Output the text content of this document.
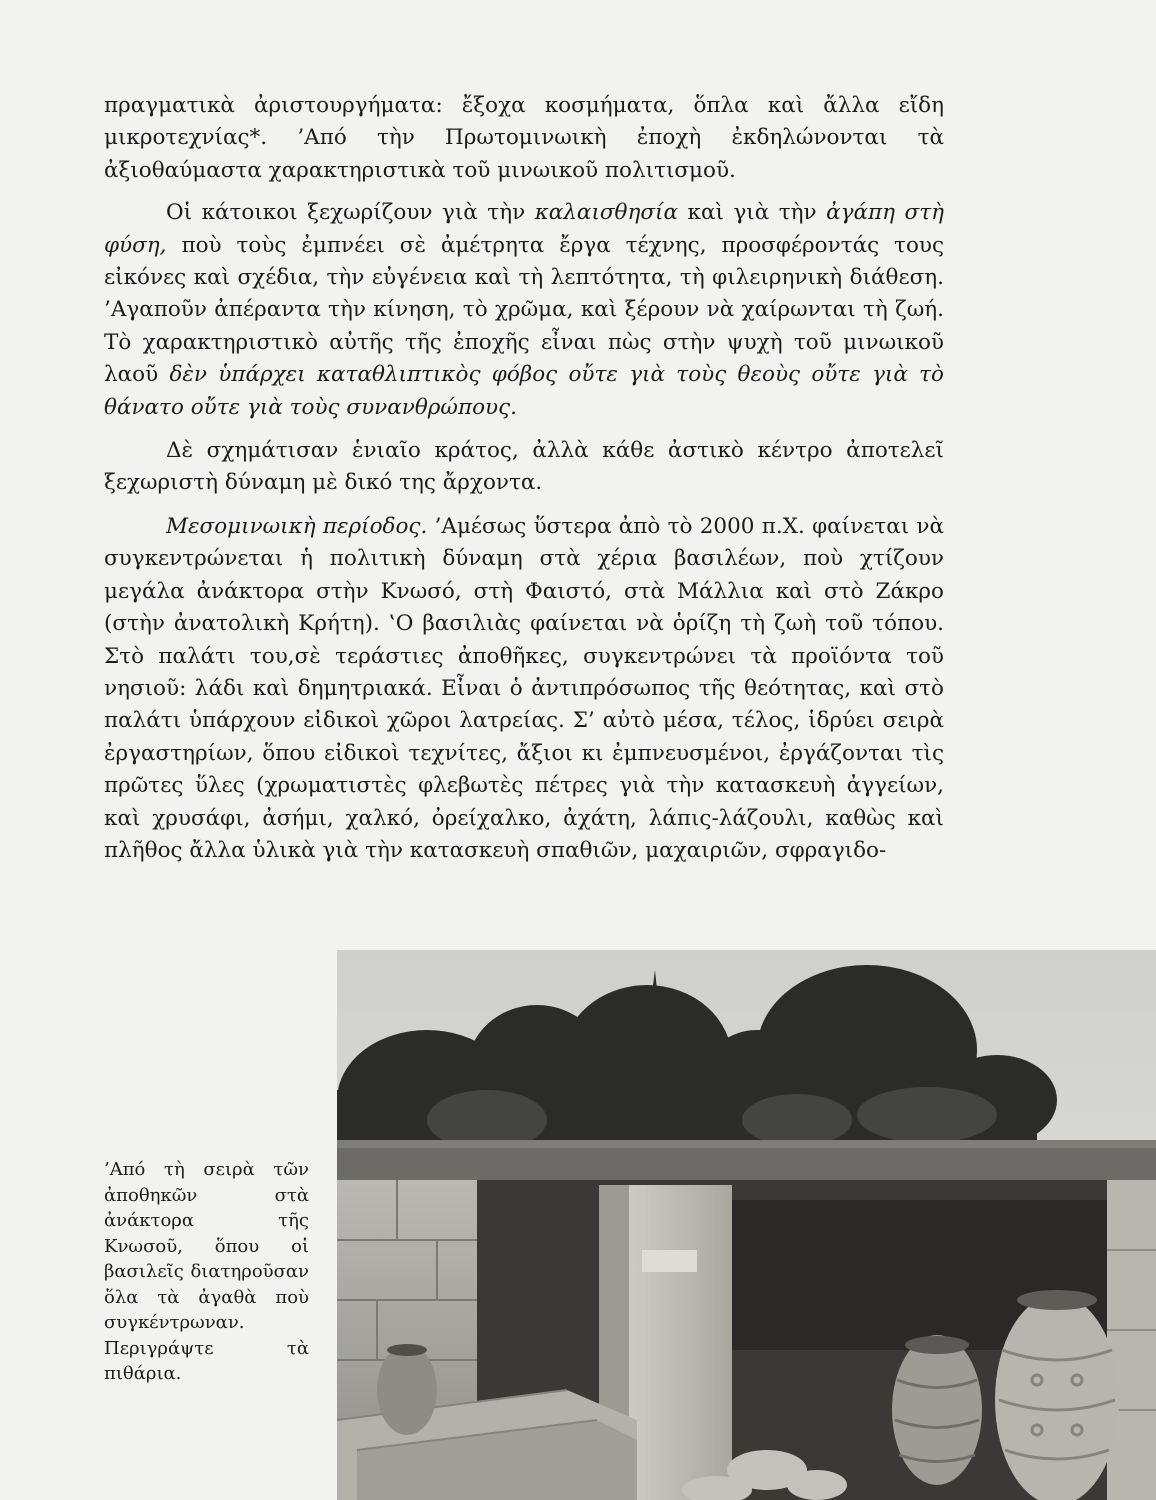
πραγματικὰ ἀριστουργήματα: ἔξοχα κοσμήματα, ὅπλα καὶ ἄλλα εἴδη μικροτεχνίας*. ’Από τὴν Πρωτομινωικὴ ἐποχὴ ἐκδηλώνονται τὰ ἀξιοθαύμαστα χαρακτηριστικὰ τοῦ μινωικοῦ πολιτισμοῦ.

Οἱ κάτοικοι ξεχωρίζουν γιὰ τὴν καλαισθησία καὶ γιὰ τὴν ἀγάπη στὴ φύση, ποὺ τοὺς ἐμπνέει σὲ ἀμέτρητα ἔργα τέχνης, προσφέροντάς τους εἰκόνες καὶ σχέδια, τὴν εὐγένεια καὶ τὴ λεπτότητα, τὴ φιλειρηνικὴ διάθεση. ’Αγαποῦν ἀπέραντα τὴν κίνηση, τὸ χρῶμα, καὶ ξέρουν νὰ χαίρωνται τὴ ζωή. Τὸ χαρακτηριστικὸ αὐτῆς τῆς ἐποχῆς εἶναι πὼς στὴν ψυχὴ τοῦ μινωικοῦ λαοῦ δὲν ὑπάρχει καταθλιπτικὸς φόβος οὔτε γιὰ τοὺς θεοὺς οὔτε γιὰ τὸ θάνατο οὔτε γιὰ τοὺς συνανθρώπους.

Δὲ σχημάτισαν ἑνιαῖο κράτος, ἀλλὰ κάθε ἀστικὸ κέντρο ἀποτελεῖ ξεχωριστὴ δύναμη μὲ δικό της ἄρχοντα.

Μεσομινωικὴ περίοδος. ’Αμέσως ὕστερα ἀπὸ τὸ 2000 π.Χ. φαίνεται νὰ συγκεντρώνεται ἡ πολιτικὴ δύναμη στὰ χέρια βασιλέων, ποὺ χτίζουν μεγάλα ἀνάκτορα στὴν Κνωσό, στὴ Φαιστό, στὰ Μάλλια καὶ στὸ Ζάκρο (στὴν ἀνατολικὴ Κρήτη). ‛Ο βασιλιὰς φαίνεται νὰ ὁρίζη τὴ ζωὴ τοῦ τόπου. Στὸ παλάτι του,σὲ τεράστιες ἀποθῆκες, συγκεντρώνει τὰ προϊόντα τοῦ νησιοῦ: λάδι καὶ δημητριακά. Εἶναι ὁ ἀντιπρόσωπος τῆς θεότητας, καὶ στὸ παλάτι ὑπάρχουν εἰδικοὶ χῶροι λατρείας. Σ’ αὐτὸ μέσα, τέλος, ἱδρύει σειρὰ ἐργαστηρίων, ὅπου εἰδικοὶ τεχνίτες, ἄξιοι κι ἐμπνευσμένοι, ἐργάζονται τὶς πρῶτες ὕλες (χρωματιστὲς φλεβωτὲς πέτρες γιὰ τὴν κατασκευὴ ἀγγείων, καὶ χρυσάφι, ἀσήμι, χαλκό, ὀρείχαλκο, ἀχάτη, λάπις-λάζουλι, καθὼς καὶ πλῆθος ἄλλα ὑλικὰ γιὰ τὴν κατασκευὴ σπαθιῶν, μαχαιριῶν, σφραγιδο-

’Από τὴ σειρὰ τῶν ἀποθηκῶν στὰ ἀνάκτορα τῆς Κνωσοῦ, ὅπου οἱ βασιλεῖς διατηροῦσαν ὅλα τὰ ἀγαθὰ ποὺ συγκέντρωναν. Περιγράψτε τὰ πιθάρια.
